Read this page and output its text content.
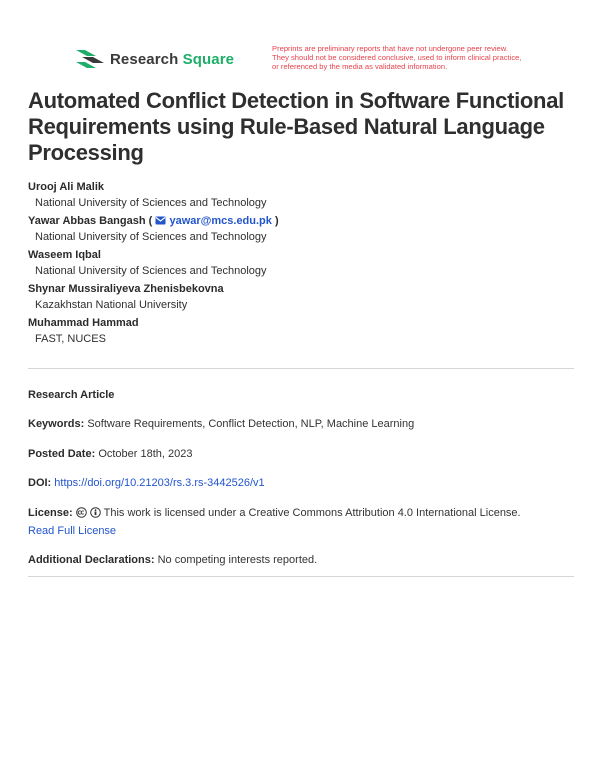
Research Square
Preprints are preliminary reports that have not undergone peer review.
They should not be considered conclusive, used to inform clinical practice,
or referenced by the media as validated information.
Automated Conflict Detection in Software Functional Requirements using Rule-Based Natural Language Processing
Urooj Ali Malik
National University of Sciences and Technology
Yawar Abbas Bangash (  yawar@mcs.edu.pk )
National University of Sciences and Technology
Waseem Iqbal
National University of Sciences and Technology
Shynar Mussiraliyeva Zhenisbekovna
Kazakhstan National University
Muhammad Hammad
FAST, NUCES
Research Article
Keywords: Software Requirements, Conflict Detection, NLP, Machine Learning
Posted Date: October 18th, 2023
DOI: https://doi.org/10.21203/rs.3.rs-3442526/v1
License:	This work is licensed under a Creative Commons Attribution 4.0 International License.
Read Full License
Additional Declarations: No competing interests reported.
